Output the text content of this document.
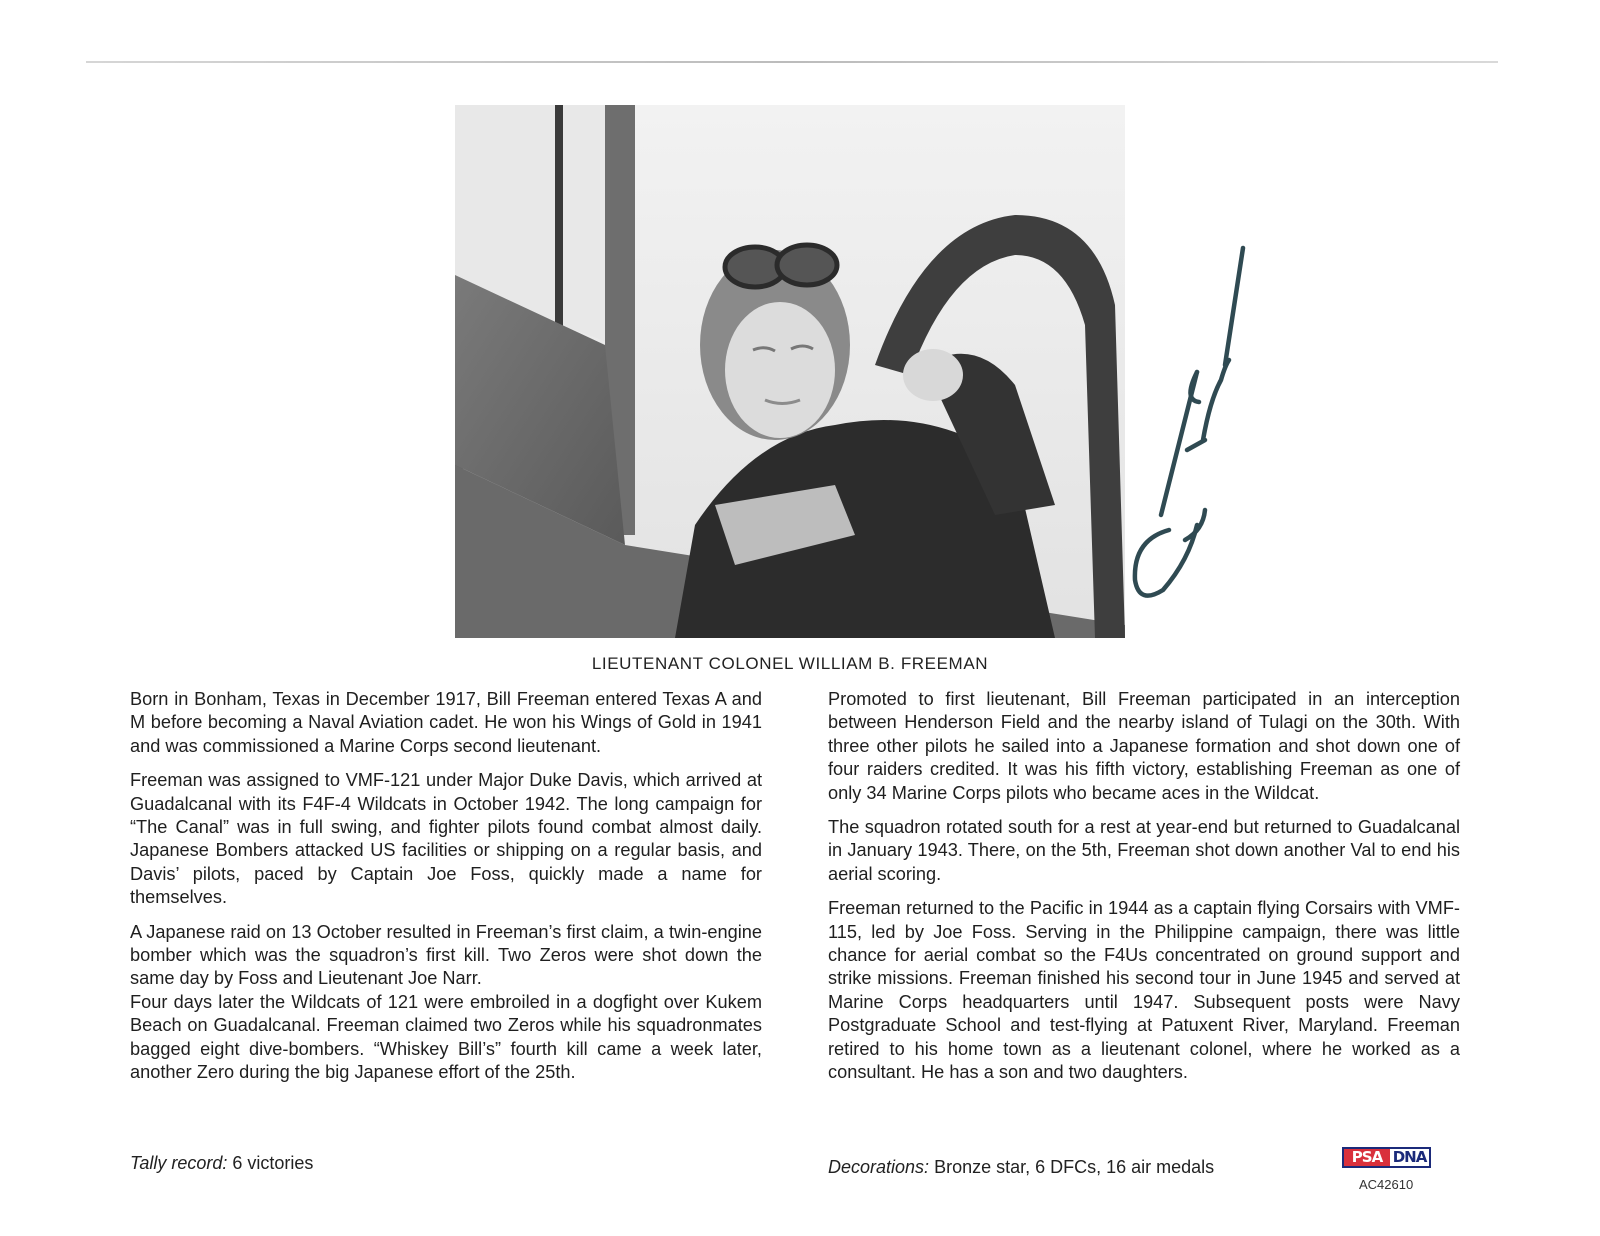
LIEUTENANT COLONEL WILLIAM B. FREEMAN

Born in Bonham, Texas in December 1917, Bill Freeman entered Texas A and M before becoming a Naval Aviation cadet. He won his Wings of Gold in 1941 and was commissioned a Marine Corps second lieutenant.

Freeman was assigned to VMF-121 under Major Duke Davis, which arrived at Guadalcanal with its F4F-4 Wildcats in October 1942. The long campaign for “The Canal” was in full swing, and fighter pilots found combat almost daily. Japanese Bombers attacked US facilities or shipping on a regular basis, and Davis’ pilots, paced by Captain Joe Foss, quickly made a name for themselves.

A Japanese raid on 13 October resulted in Freeman’s first claim, a twin-engine bomber which was the squadron’s first kill. Two Zeros were shot down the same day by Foss and Lieutenant Joe Narr.

Four days later the Wildcats of 121 were embroiled in a dogfight over Kukem Beach on Guadalcanal. Freeman claimed two Zeros while his squadronmates bagged eight dive-bombers. “Whiskey Bill’s” fourth kill came a week later, another Zero during the big Japanese effort of the 25th.

Tally record: 6 victories

Promoted to first lieutenant, Bill Freeman participated in an interception between Henderson Field and the nearby island of Tulagi on the 30th. With three other pilots he sailed into a Japanese formation and shot down one of four raiders credited. It was his fifth victory, establishing Freeman as one of only 34 Marine Corps pilots who became aces in the Wildcat.

The squadron rotated south for a rest at year-end but returned to Guadalcanal in January 1943. There, on the 5th, Freeman shot down another Val to end his aerial scoring.

Freeman returned to the Pacific in 1944 as a captain flying Corsairs with VMF-115, led by Joe Foss. Serving in the Philippine campaign, there was little chance for aerial combat so the F4Us concentrated on ground support and strike missions. Freeman finished his second tour in June 1945 and served at Marine Corps headquarters until 1947. Subsequent posts were Navy Postgraduate School and test-flying at Patuxent River, Maryland. Freeman retired to his home town as a lieutenant colonel, where he worked as a consultant. He has a son and two daughters.

Decorations: Bronze star, 6 DFCs, 16 air medals	PSA DNA
AC42610
